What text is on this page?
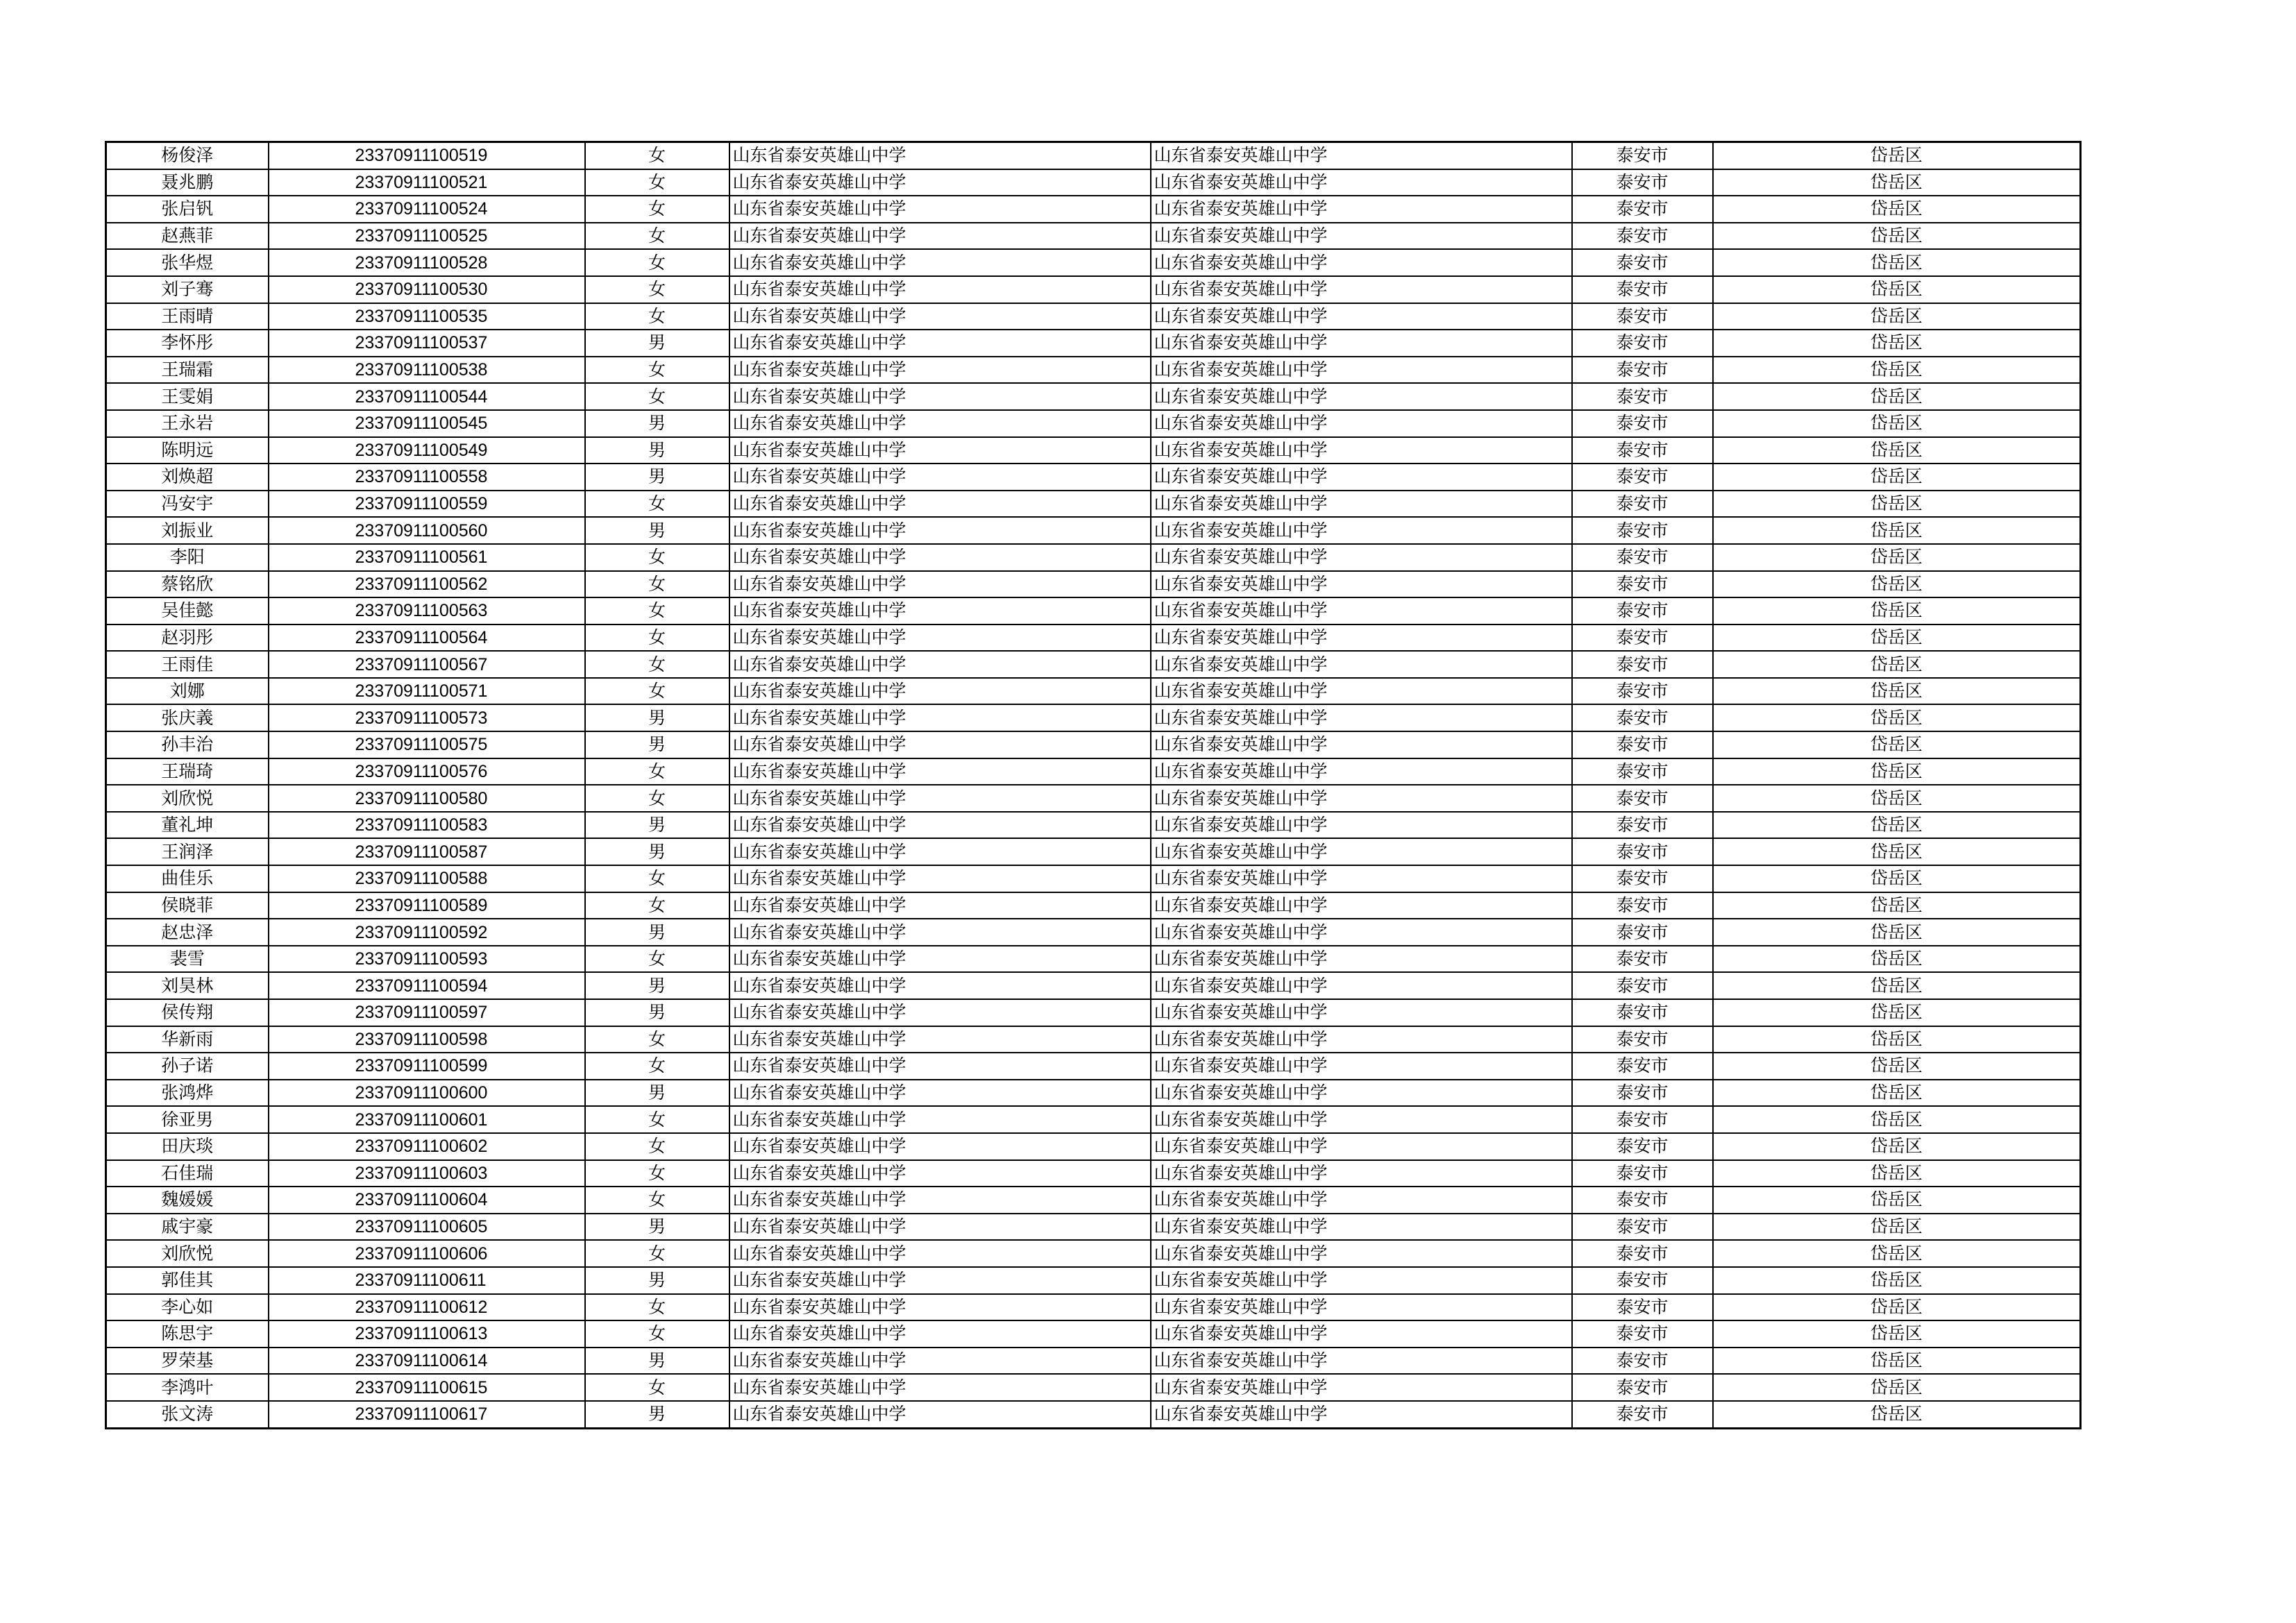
杨俊泽	23370911100519	女	山东省泰安英雄山中学	山东省泰安英雄山中学	泰安市	岱岳区
聂兆鹏	23370911100521	女	山东省泰安英雄山中学	山东省泰安英雄山中学	泰安市	岱岳区
张启钒	23370911100524	女	山东省泰安英雄山中学	山东省泰安英雄山中学	泰安市	岱岳区
赵燕菲	23370911100525	女	山东省泰安英雄山中学	山东省泰安英雄山中学	泰安市	岱岳区
张华煜	23370911100528	女	山东省泰安英雄山中学	山东省泰安英雄山中学	泰安市	岱岳区
刘子骞	23370911100530	女	山东省泰安英雄山中学	山东省泰安英雄山中学	泰安市	岱岳区
王雨晴	23370911100535	女	山东省泰安英雄山中学	山东省泰安英雄山中学	泰安市	岱岳区
李怀彤	23370911100537	男	山东省泰安英雄山中学	山东省泰安英雄山中学	泰安市	岱岳区
王瑞霜	23370911100538	女	山东省泰安英雄山中学	山东省泰安英雄山中学	泰安市	岱岳区
王雯娟	23370911100544	女	山东省泰安英雄山中学	山东省泰安英雄山中学	泰安市	岱岳区
王永岩	23370911100545	男	山东省泰安英雄山中学	山东省泰安英雄山中学	泰安市	岱岳区
陈明远	23370911100549	男	山东省泰安英雄山中学	山东省泰安英雄山中学	泰安市	岱岳区
刘焕超	23370911100558	男	山东省泰安英雄山中学	山东省泰安英雄山中学	泰安市	岱岳区
冯安宇	23370911100559	女	山东省泰安英雄山中学	山东省泰安英雄山中学	泰安市	岱岳区
刘振业	23370911100560	男	山东省泰安英雄山中学	山东省泰安英雄山中学	泰安市	岱岳区
李阳	23370911100561	女	山东省泰安英雄山中学	山东省泰安英雄山中学	泰安市	岱岳区
蔡铭欣	23370911100562	女	山东省泰安英雄山中学	山东省泰安英雄山中学	泰安市	岱岳区
吴佳懿	23370911100563	女	山东省泰安英雄山中学	山东省泰安英雄山中学	泰安市	岱岳区
赵羽彤	23370911100564	女	山东省泰安英雄山中学	山东省泰安英雄山中学	泰安市	岱岳区
王雨佳	23370911100567	女	山东省泰安英雄山中学	山东省泰安英雄山中学	泰安市	岱岳区
刘娜	23370911100571	女	山东省泰安英雄山中学	山东省泰安英雄山中学	泰安市	岱岳区
张庆義	23370911100573	男	山东省泰安英雄山中学	山东省泰安英雄山中学	泰安市	岱岳区
孙丰治	23370911100575	男	山东省泰安英雄山中学	山东省泰安英雄山中学	泰安市	岱岳区
王瑞琦	23370911100576	女	山东省泰安英雄山中学	山东省泰安英雄山中学	泰安市	岱岳区
刘欣悦	23370911100580	女	山东省泰安英雄山中学	山东省泰安英雄山中学	泰安市	岱岳区
董礼坤	23370911100583	男	山东省泰安英雄山中学	山东省泰安英雄山中学	泰安市	岱岳区
王润泽	23370911100587	男	山东省泰安英雄山中学	山东省泰安英雄山中学	泰安市	岱岳区
曲佳乐	23370911100588	女	山东省泰安英雄山中学	山东省泰安英雄山中学	泰安市	岱岳区
侯晓菲	23370911100589	女	山东省泰安英雄山中学	山东省泰安英雄山中学	泰安市	岱岳区
赵忠泽	23370911100592	男	山东省泰安英雄山中学	山东省泰安英雄山中学	泰安市	岱岳区
裴雪	23370911100593	女	山东省泰安英雄山中学	山东省泰安英雄山中学	泰安市	岱岳区
刘昊林	23370911100594	男	山东省泰安英雄山中学	山东省泰安英雄山中学	泰安市	岱岳区
侯传翔	23370911100597	男	山东省泰安英雄山中学	山东省泰安英雄山中学	泰安市	岱岳区
华新雨	23370911100598	女	山东省泰安英雄山中学	山东省泰安英雄山中学	泰安市	岱岳区
孙子诺	23370911100599	女	山东省泰安英雄山中学	山东省泰安英雄山中学	泰安市	岱岳区
张鸿烨	23370911100600	男	山东省泰安英雄山中学	山东省泰安英雄山中学	泰安市	岱岳区
徐亚男	23370911100601	女	山东省泰安英雄山中学	山东省泰安英雄山中学	泰安市	岱岳区
田庆琰	23370911100602	女	山东省泰安英雄山中学	山东省泰安英雄山中学	泰安市	岱岳区
石佳瑞	23370911100603	女	山东省泰安英雄山中学	山东省泰安英雄山中学	泰安市	岱岳区
魏媛媛	23370911100604	女	山东省泰安英雄山中学	山东省泰安英雄山中学	泰安市	岱岳区
戚宇豪	23370911100605	男	山东省泰安英雄山中学	山东省泰安英雄山中学	泰安市	岱岳区
刘欣悦	23370911100606	女	山东省泰安英雄山中学	山东省泰安英雄山中学	泰安市	岱岳区
郭佳其	23370911100611	男	山东省泰安英雄山中学	山东省泰安英雄山中学	泰安市	岱岳区
李心如	23370911100612	女	山东省泰安英雄山中学	山东省泰安英雄山中学	泰安市	岱岳区
陈思宇	23370911100613	女	山东省泰安英雄山中学	山东省泰安英雄山中学	泰安市	岱岳区
罗荣基	23370911100614	男	山东省泰安英雄山中学	山东省泰安英雄山中学	泰安市	岱岳区
李鸿叶	23370911100615	女	山东省泰安英雄山中学	山东省泰安英雄山中学	泰安市	岱岳区
张文涛	23370911100617	男	山东省泰安英雄山中学	山东省泰安英雄山中学	泰安市	岱岳区
